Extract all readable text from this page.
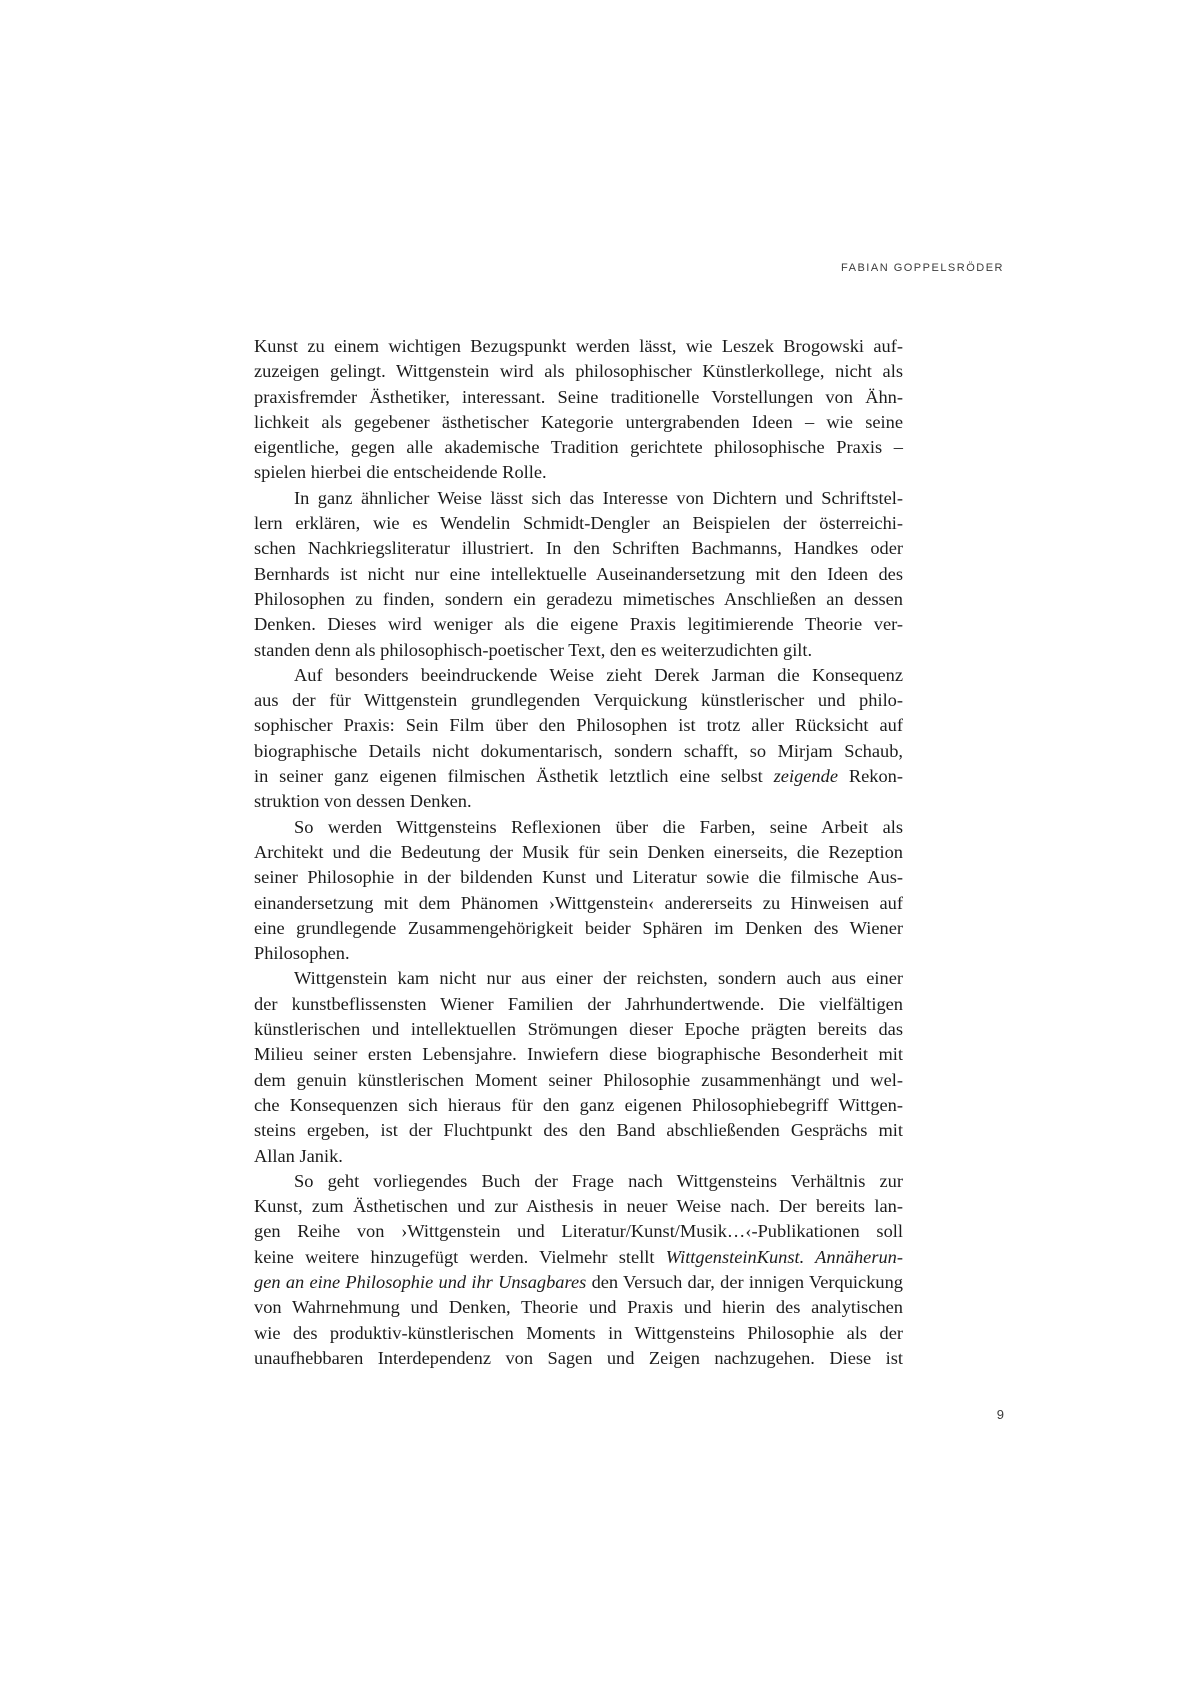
FABIAN GOPPELSRÖDER
Kunst zu einem wichtigen Bezugspunkt werden lässt, wie Leszek Brogowski auf-
zuzeigen gelingt. Wittgenstein wird als philosophischer Künstlerkollege, nicht als
praxisfremder Ästhetiker, interessant. Seine traditionelle Vorstellungen von Ähn-
lichkeit als gegebener ästhetischer Kategorie untergrabenden Ideen – wie seine
eigentliche, gegen alle akademische Tradition gerichtete philosophische Praxis –
spielen hierbei die entscheidende Rolle.
In ganz ähnlicher Weise lässt sich das Interesse von Dichtern und Schriftstel-
lern erklären, wie es Wendelin Schmidt-Dengler an Beispielen der österreichi-
schen Nachkriegsliteratur illustriert. In den Schriften Bachmanns, Handkes oder
Bernhards ist nicht nur eine intellektuelle Auseinandersetzung mit den Ideen des
Philosophen zu finden, sondern ein geradezu mimetisches Anschließen an dessen
Denken. Dieses wird weniger als die eigene Praxis legitimierende Theorie ver-
standen denn als philosophisch-poetischer Text, den es weiterzudichten gilt.
Auf besonders beeindruckende Weise zieht Derek Jarman die Konsequenz
aus der für Wittgenstein grundlegenden Verquickung künstlerischer und philo-
sophischer Praxis: Sein Film über den Philosophen ist trotz aller Rücksicht auf
biographische Details nicht dokumentarisch, sondern schafft, so Mirjam Schaub,
in seiner ganz eigenen filmischen Ästhetik letztlich eine selbst zeigende Rekon-
struktion von dessen Denken.
So werden Wittgensteins Reflexionen über die Farben, seine Arbeit als
Architekt und die Bedeutung der Musik für sein Denken einerseits, die Rezeption
seiner Philosophie in der bildenden Kunst und Literatur sowie die filmische Aus-
einandersetzung mit dem Phänomen ›Wittgenstein‹ andererseits zu Hinweisen auf
eine grundlegende Zusammengehörigkeit beider Sphären im Denken des Wiener
Philosophen.
Wittgenstein kam nicht nur aus einer der reichsten, sondern auch aus einer
der kunstbeflissensten Wiener Familien der Jahrhundertwende. Die vielfältigen
künstlerischen und intellektuellen Strömungen dieser Epoche prägten bereits das
Milieu seiner ersten Lebensjahre. Inwiefern diese biographische Besonderheit mit
dem genuin künstlerischen Moment seiner Philosophie zusammenhängt und wel-
che Konsequenzen sich hieraus für den ganz eigenen Philosophiebegriff Wittgen-
steins ergeben, ist der Fluchtpunkt des den Band abschließenden Gesprächs mit
Allan Janik.
So geht vorliegendes Buch der Frage nach Wittgensteins Verhältnis zur
Kunst, zum Ästhetischen und zur Aisthesis in neuer Weise nach. Der bereits lan-
gen Reihe von ›Wittgenstein und Literatur/Kunst/Musik…‹-Publikationen soll
keine weitere hinzugefügt werden. Vielmehr stellt WittgensteinKunst. Annäherun-
gen an eine Philosophie und ihr Unsagbares den Versuch dar, der innigen Verquickung
von Wahrnehmung und Denken, Theorie und Praxis und hierin des analytischen
wie des produktiv-künstlerischen Moments in Wittgensteins Philosophie als der
unaufhebbaren Interdependenz von Sagen und Zeigen nachzugehen. Diese ist
9
